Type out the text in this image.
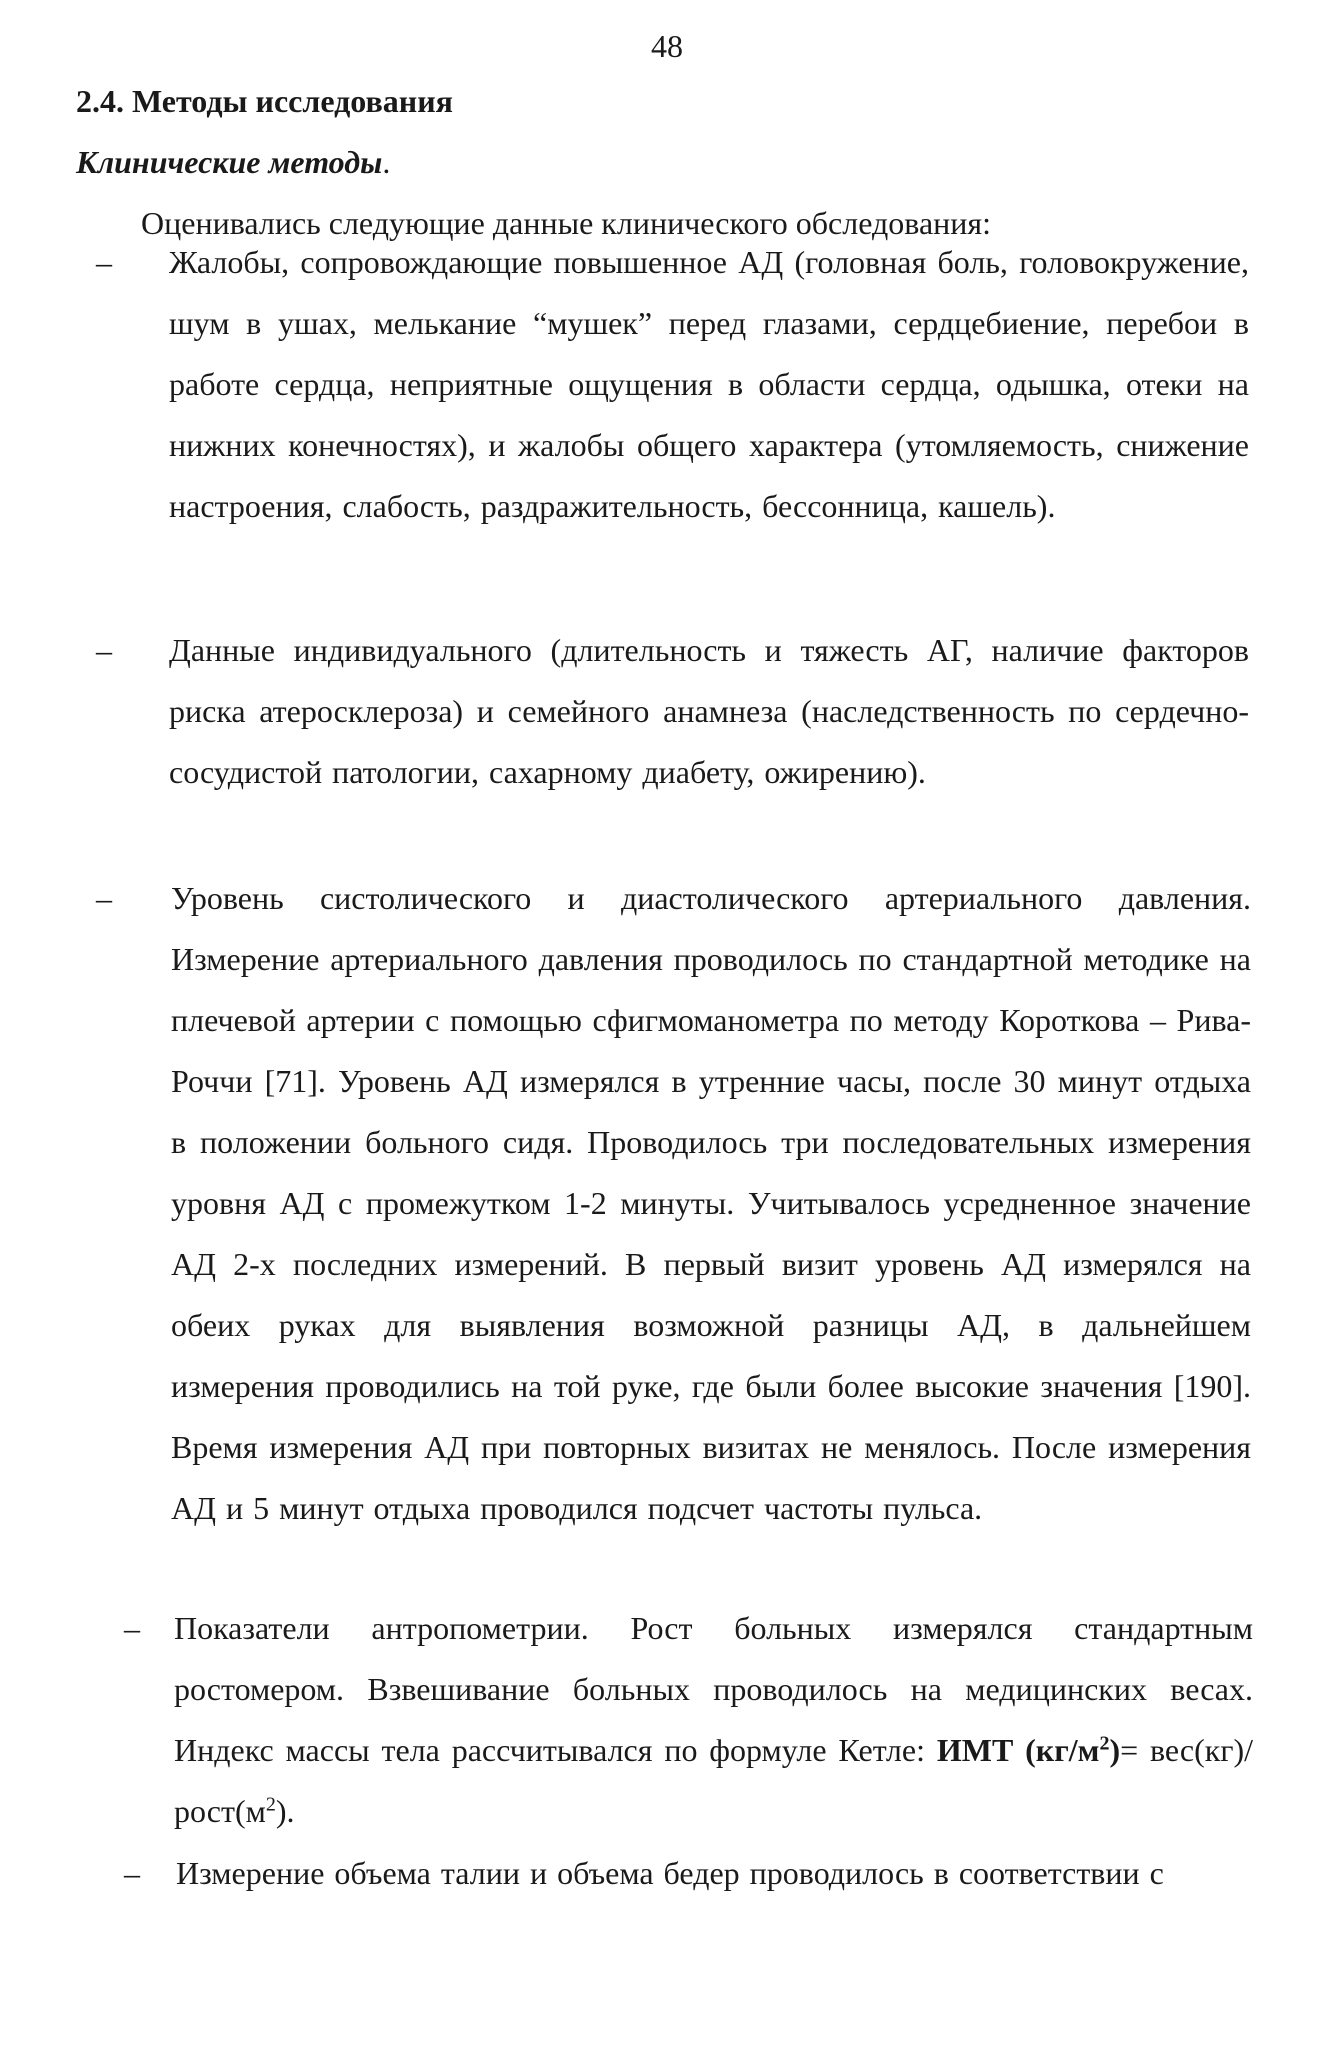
48
2.4. Методы исследования
Клинические методы.

Оценивались следующие данные клинического обследования:

– Жалобы, сопровождающие повышенное АД (головная боль, головокружение, шум в ушах, мелькание “мушек” перед глазами, сердцебиение, перебои в работе сердца, неприятные ощущения в области сердца, одышка, отеки на нижних конечностях), и жалобы общего характера (утомляемость, снижение настроения, слабость, раздражительность, бессонница, кашель).
– Данные индивидуального (длительность и тяжесть АГ, наличие факторов риска атеросклероза) и семейного анамнеза (наследственность по сердечно-сосудистой патологии, сахарному диабету, ожирению).
– Уровень систолического и диастолического артериального давления. Измерение артериального давления проводилось по стандартной методике на плечевой артерии с помощью сфигмоманометра по методу Короткова – Рива-Роччи [71]. Уровень АД измерялся в утренние часы, после 30 минут отдыха в положении больного сидя. Проводилось три последовательных измерения уровня АД с промежутком 1-2 минуты. Учитывалось усредненное значение АД 2-х последних измерений. В первый визит уровень АД измерялся на обеих руках для выявления возможной разницы АД, в дальнейшем измерения проводились на той руке, где были более высокие значения [190]. Время измерения АД при повторных визитах не менялось. После измерения АД и 5 минут отдыха проводился подсчет частоты пульса.
– Показатели антропометрии. Рост больных измерялся стандартным ростомером. Взвешивание больных проводилось на медицинских весах. Индекс массы тела рассчитывался по формуле Кетле: ИМТ $(кг/м^2)= вес(кг)/$ $рост(м^2)$.
– Измерение объема талии и объема бедер проводилось в соответствии с
